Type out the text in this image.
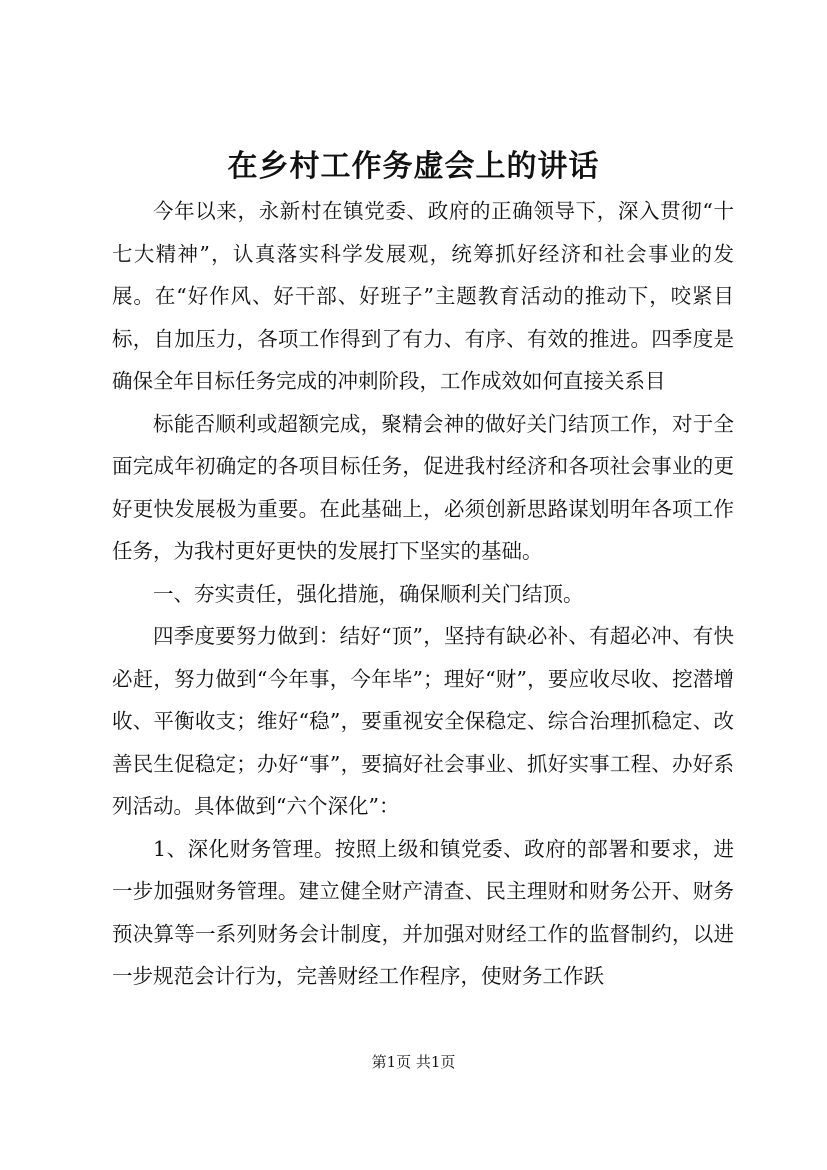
在乡村工作务虚会上的讲话

今年以来，永新村在镇党委、政府的正确领导下，深入贯彻“十七大精神”，认真落实科学发展观，统筹抓好经济和社会事业的发展。在“好作风、好干部、好班子”主题教育活动的推动下，咬紧目标，自加压力，各项工作得到了有力、有序、有效的推进。四季度是确保全年目标任务完成的冲刺阶段，工作成效如何直接关系目

标能否顺利或超额完成，聚精会神的做好关门结顶工作，对于全面完成年初确定的各项目标任务，促进我村经济和各项社会事业的更好更快发展极为重要。在此基础上，必须创新思路谋划明年各项工作任务，为我村更好更快的发展打下坚实的基础。

一、夯实责任，强化措施，确保顺利关门结顶。

四季度要努力做到：结好“顶”，坚持有缺必补、有超必冲、有快必赶，努力做到“今年事，今年毕”；理好“财”，要应收尽收、挖潜增收、平衡收支；维好“稳”，要重视安全保稳定、综合治理抓稳定、改善民生促稳定；办好“事”，要搞好社会事业、抓好实事工程、办好系列活动。具体做到“六个深化”：

1、深化财务管理。按照上级和镇党委、政府的部署和要求，进一步加强财务管理。建立健全财产清查、民主理财和财务公开、财务预决算等一系列财务会计制度，并加强对财经工作的监督制约，以进一步规范会计行为，完善财经工作程序，使财务工作跃

第1页 共1页
